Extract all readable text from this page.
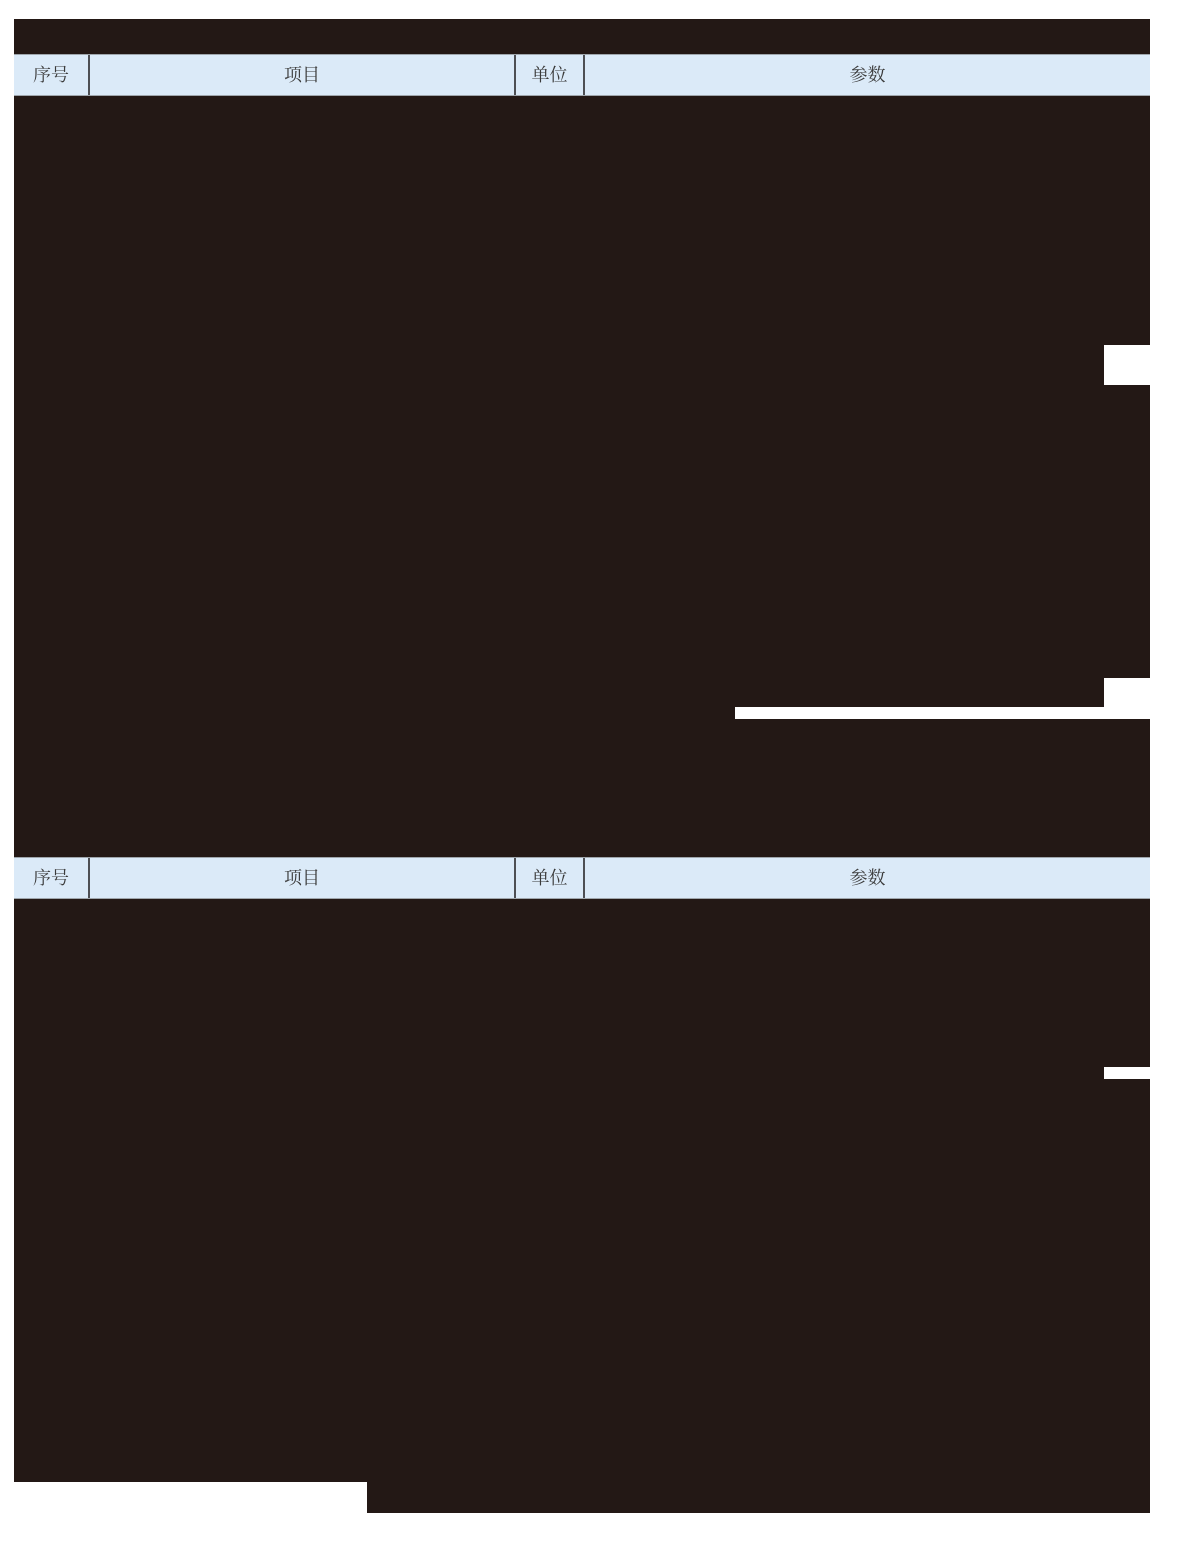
序号	项目	单位	参数
序号	项目	单位	参数
